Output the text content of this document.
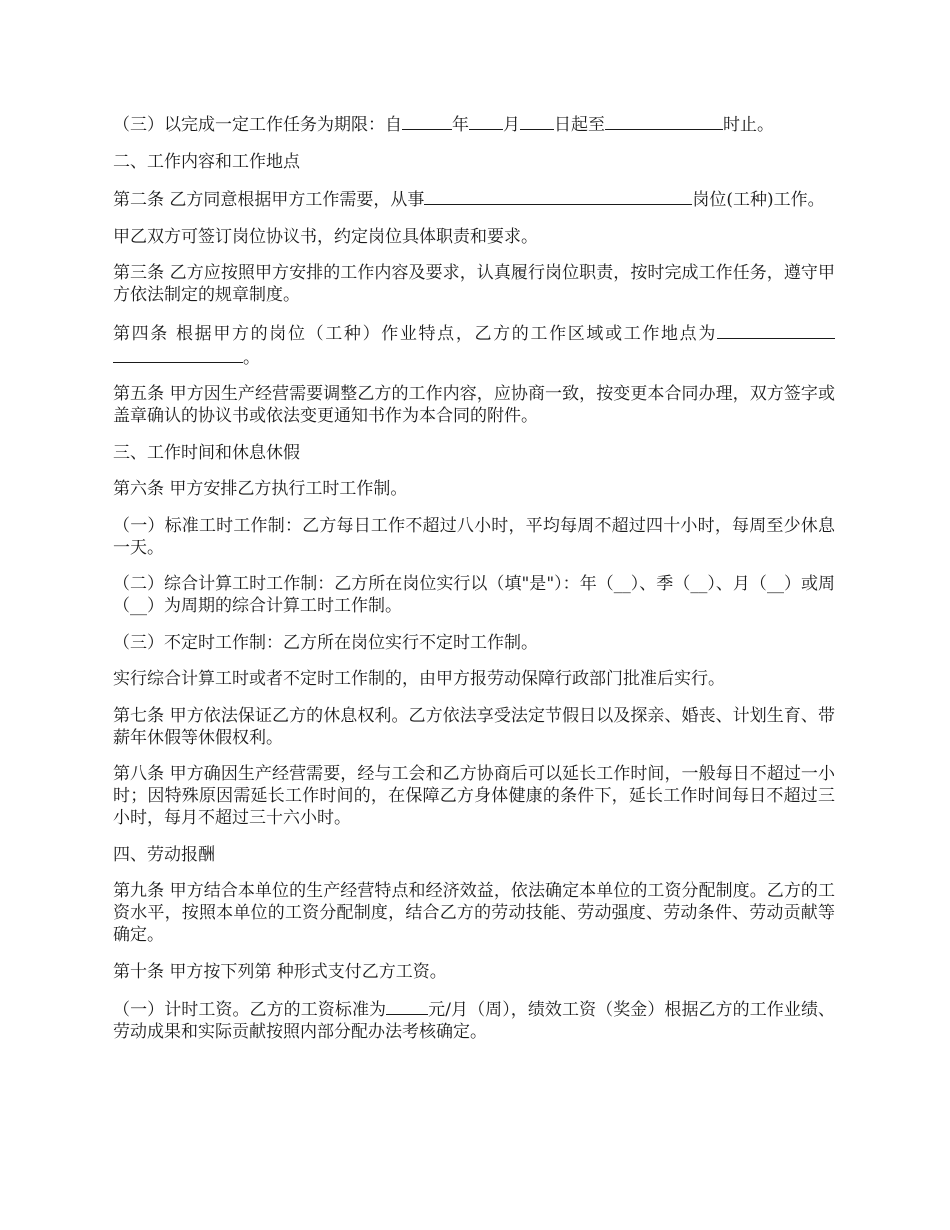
（三）以完成一定工作任务为期限：自	年 月 日起至	时止。

二、工作内容和工作地点

第二条 乙方同意根据甲方工作需要，从事	岗位(工种)工作。

甲乙双方可签订岗位协议书，约定岗位具体职责和要求。

第三条 乙方应按照甲方安排的工作内容及要求，认真履行岗位职责，按时完成工作任务，遵守甲方依法制定的规章制度。

第四条 根据甲方的岗位（工种）作业特点，乙方的工作区域或工作地点为。

第五条 甲方因生产经营需要调整乙方的工作内容，应协商一致，按变更本合同办理，双方签字或盖章确认的协议书或依法变更通知书作为本合同的附件。

三、工作时间和休息休假

第六条 甲方安排乙方执行工时工作制。

（一）标准工时工作制：乙方每日工作不超过八小时，平均每周不超过四十小时，每周至少休息一天。

（二）综合计算工时工作制：乙方所在岗位实行以（填"是"）：年（__）、季（__）、月（__）或周（__）为周期的综合计算工时工作制。

（三）不定时工作制：乙方所在岗位实行不定时工作制。

实行综合计算工时或者不定时工作制的，由甲方报劳动保障行政部门批准后实行。

第七条 甲方依法保证乙方的休息权利。乙方依法享受法定节假日以及探亲、婚丧、计划生育、带薪年休假等休假权利。

第八条 甲方确因生产经营需要，经与工会和乙方协商后可以延长工作时间，一般每日不超过一小时；因特殊原因需延长工作时间的，在保障乙方身体健康的条件下，延长工作时间每日不超过三小时，每月不超过三十六小时。

四、劳动报酬

第九条 甲方结合本单位的生产经营特点和经济效益，依法确定本单位的工资分配制度。乙方的工资水平，按照本单位的工资分配制度，结合乙方的劳动技能、劳动强度、劳动条件、劳动贡献等确定。

第十条 甲方按下列第 种形式支付乙方工资。

（一）计时工资。乙方的工资标准为 元/月（周），绩效工资（奖金）根据乙方的工作业绩、劳动成果和实际贡献按照内部分配办法考核确定。
